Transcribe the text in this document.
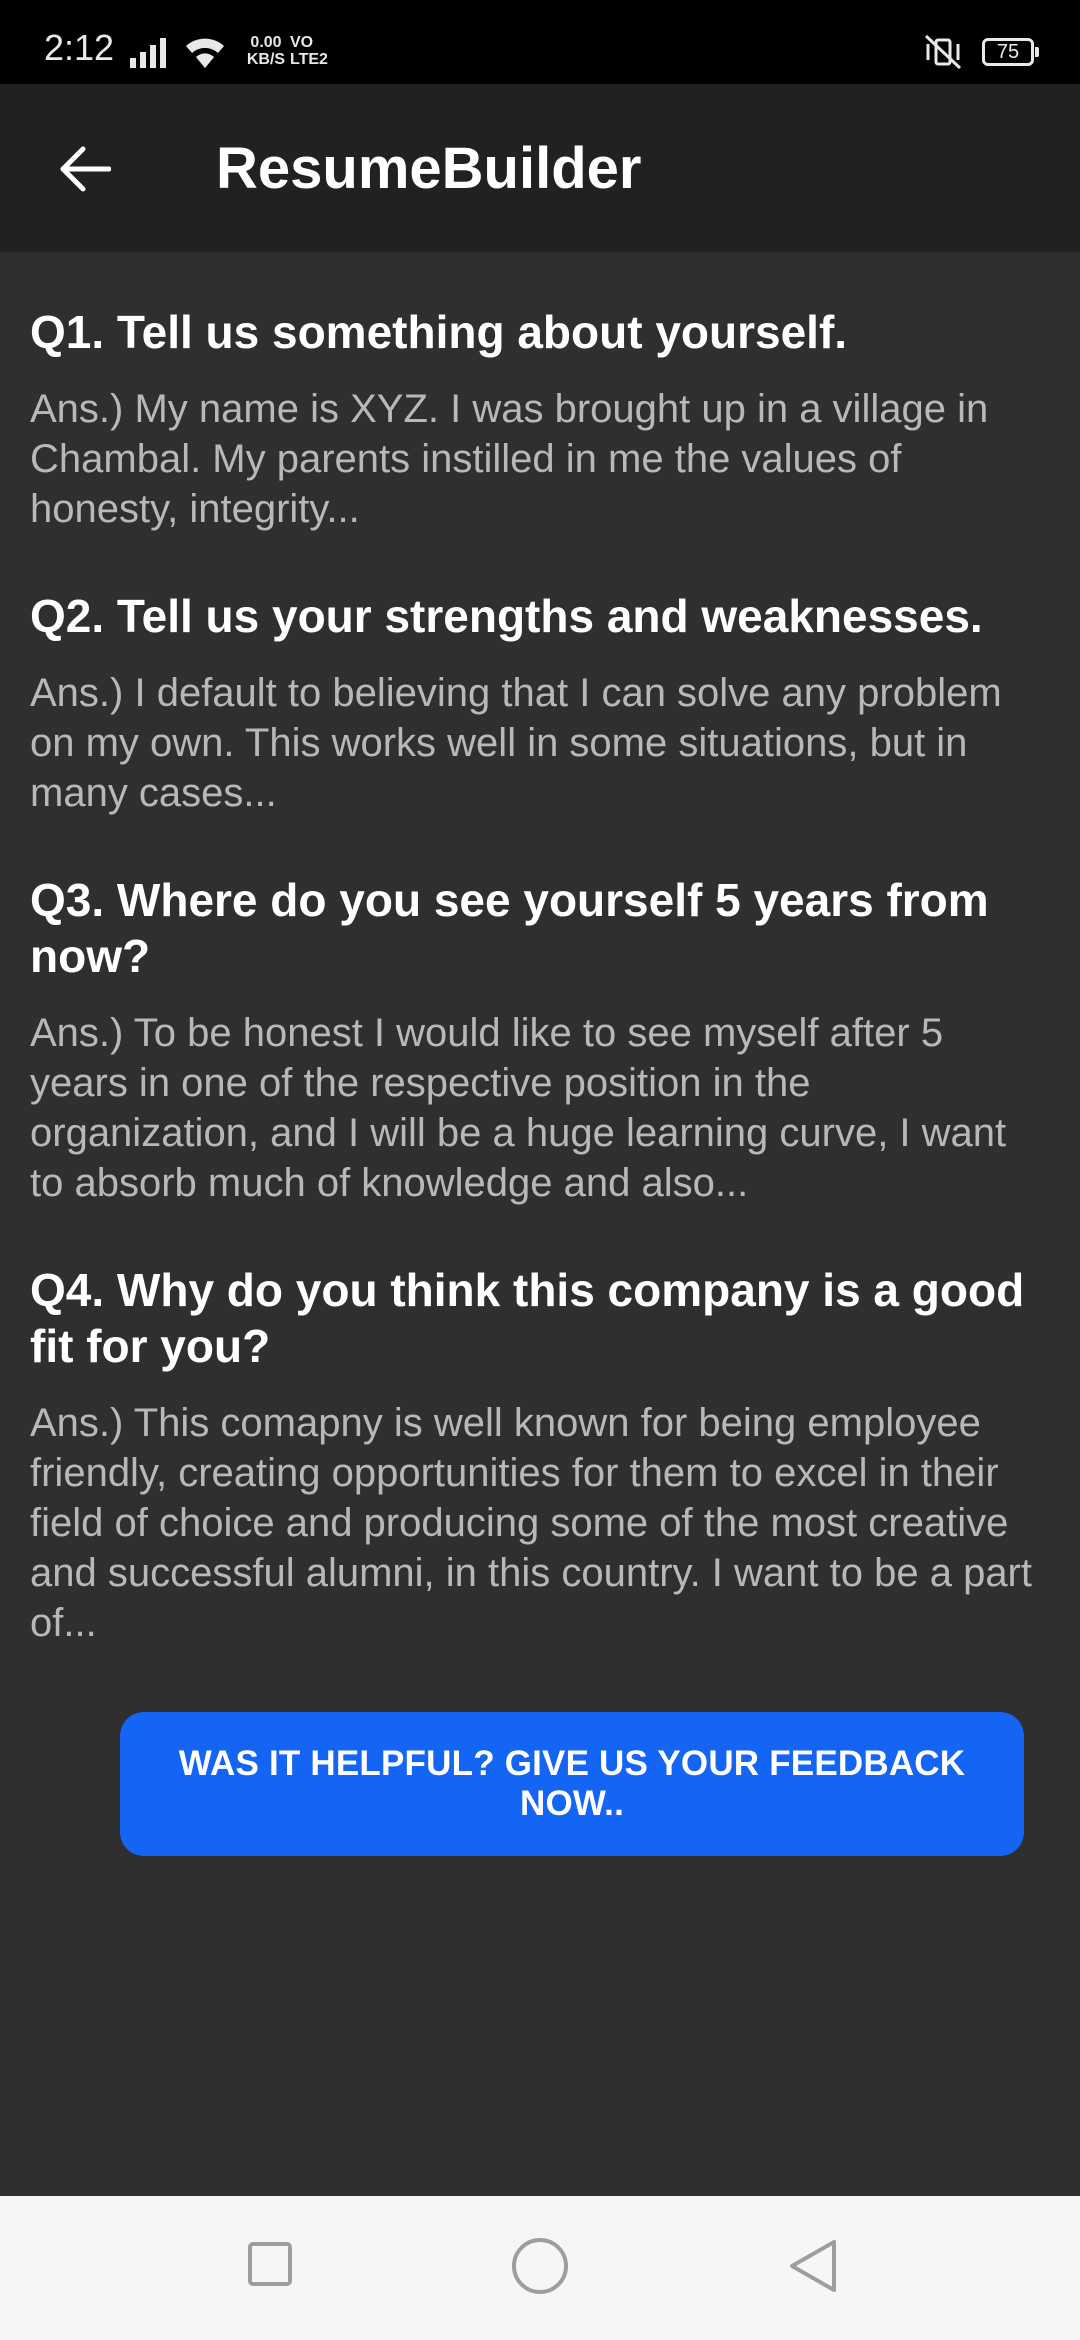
2:12	0.00
KB/S
VO
LTE2	75
ResumeBuilder

Q1. Tell us something about yourself.

Ans.) My name is XYZ. I was brought up in a village in Chambal. My parents instilled in me the values of honesty, integrity...

Q2. Tell us your strengths and weaknesses.

Ans.) I default to believing that I can solve any problem on my own. This works well in some situations, but in many cases...

Q3. Where do you see yourself 5 years from now?

Ans.) To be honest I would like to see myself after 5 years in one of the respective position in the organization, and I will be a huge learning curve, I want to absorb much of knowledge and also...

Q4. Why do you think this company is a good fit for you?

Ans.) This comapny is well known for being employee friendly, creating opportunities for them to excel in their field of choice and producing some of the most creative and successful alumni, in this country. I want to be a part of...

WAS IT HELPFUL? GIVE US YOUR FEEDBACK NOW..
